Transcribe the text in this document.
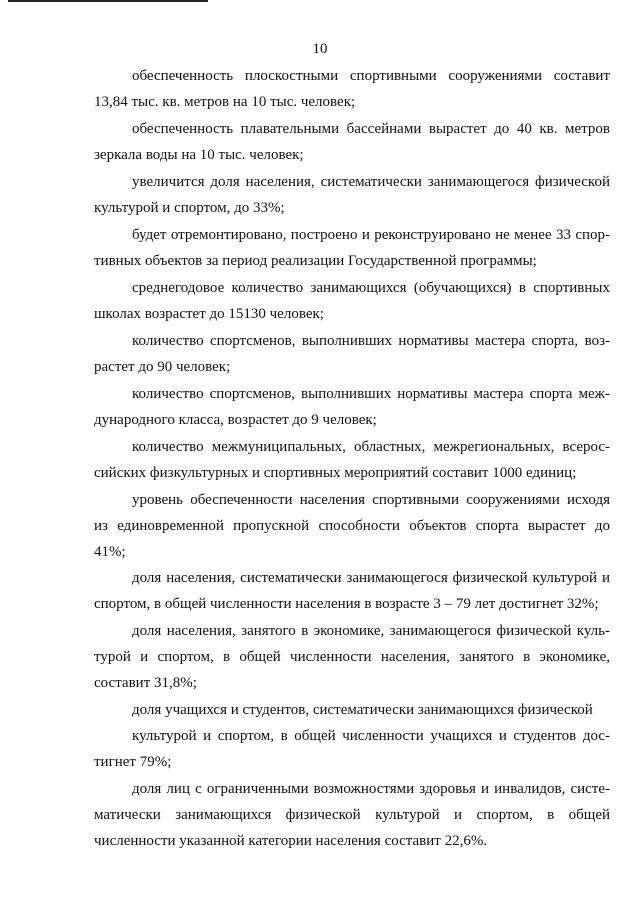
10
обеспеченность плоскостными спортивными сооружениями составит
13,84 тыс. кв. метров на 10 тыс. человек;
обеспеченность плавательными бассейнами вырастет до 40 кв. метров
зеркала воды на 10 тыс. человек;
увеличится доля населения, систематически занимающегося физической
культурой и спортом, до 33%;
будет отремонтировано, построено и реконструировано не менее 33 спор-
тивных объектов за период реализации Государственной программы;
среднегодовое количество занимающихся (обучающихся) в спортивных
школах возрастет до 15130 человек;
количество спортсменов, выполнивших нормативы мастера спорта, воз-
растет до 90 человек;
количество спортсменов, выполнивших нормативы мастера спорта меж-
дународного класса, возрастет до 9 человек;
количество межмуниципальных, областных, межрегиональных, всерос-
сийских физкультурных и спортивных мероприятий составит 1000 единиц;
уровень обеспеченности населения спортивными сооружениями исходя
из единовременной пропускной способности объектов спорта вырастет до
41%;
доля населения, систематически занимающегося физической культурой и
спортом, в общей численности населения в возрасте 3 – 79 лет достигнет 32%;
доля населения, занятого в экономике, занимающегося физической куль-
турой и спортом, в общей численности населения, занятого в экономике,
составит 31,8%;
доля учащихся и студентов, систематически занимающихся физической
культурой и спортом, в общей численности учащихся и студентов дос-
тигнет 79%;
доля лиц с ограниченными возможностями здоровья и инвалидов, систе-
матически занимающихся физической культурой и спортом, в общей
численности указанной категории населения составит 22,6%.
